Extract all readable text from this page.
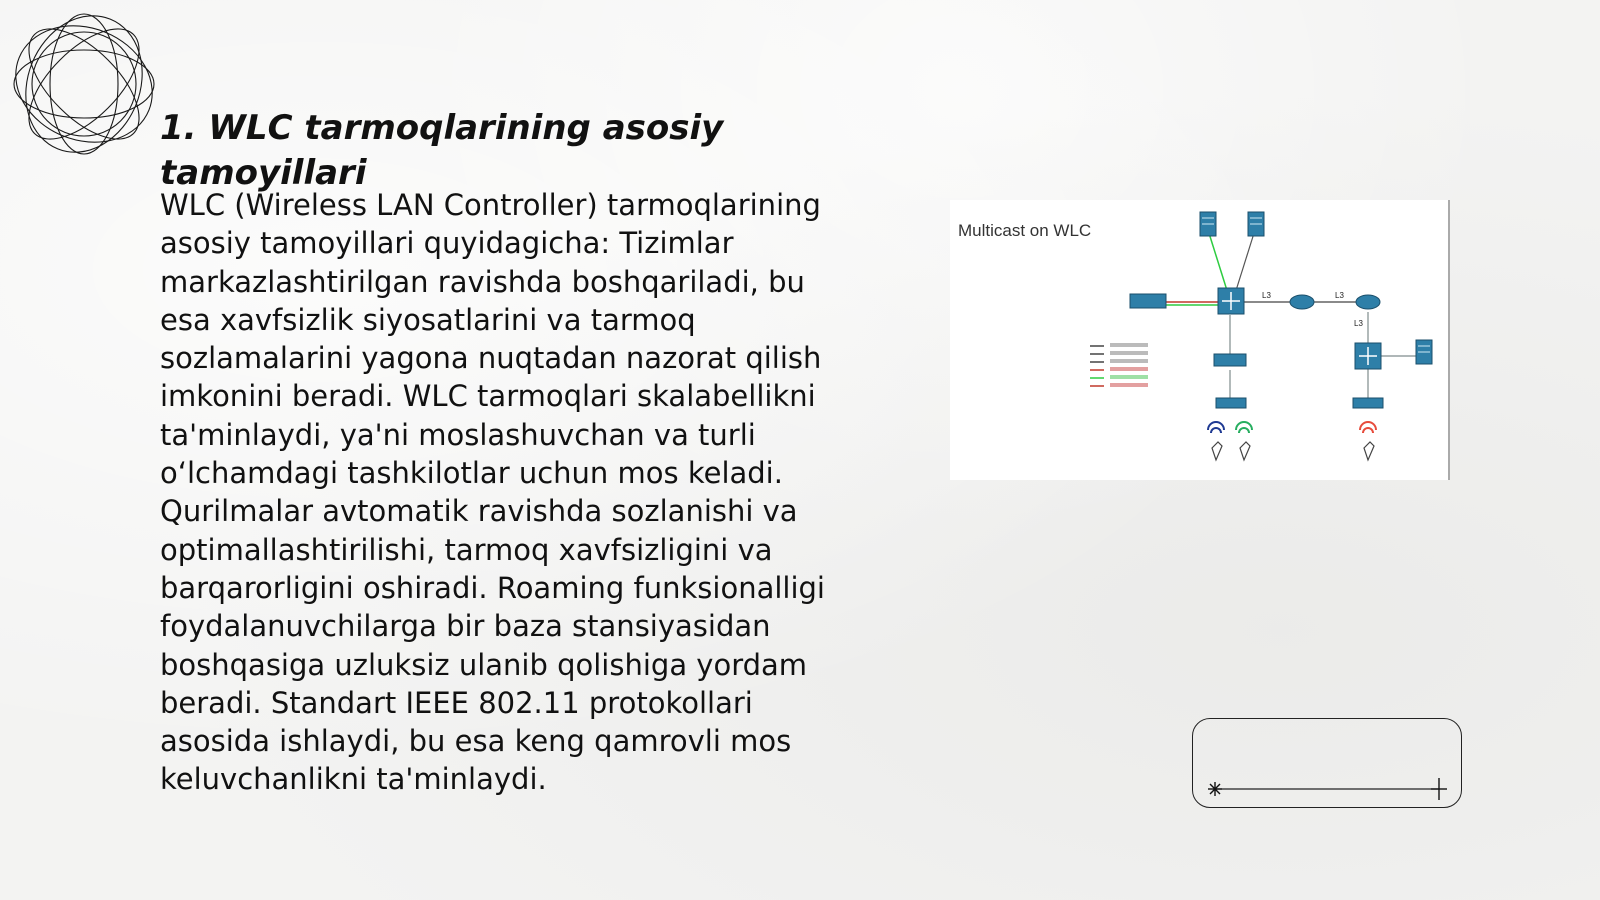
1. WLC tarmoqlarining asosiy tamoyillari

WLC (Wireless LAN Controller) tarmoqlarining asosiy tamoyillari quyidagicha: Tizimlar markazlashtirilgan ravishda boshqariladi, bu esa xavfsizlik siyosatlarini va tarmoq sozlamalarini yagona nuqtadan nazorat qilish imkonini beradi. WLC tarmoqlari skalabellikni ta'minlaydi, ya'ni moslashuvchan va turli oʻlchamdagi tashkilotlar uchun mos keladi. Qurilmalar avtomatik ravishda sozlanishi va optimallashtirilishi, tarmoq xavfsizligini va barqarorligini oshiradi. Roaming funksionalligi foydalanuvchilarga bir baza stansiyasidan boshqasiga uzluksiz ulanib qolishiga yordam beradi. Standart IEEE 802.11 protokollari asosida ishlaydi, bu esa keng qamrovli mos keluvchanlikni ta'minlaydi.

Multicast on WLC
L3	L3
L3
